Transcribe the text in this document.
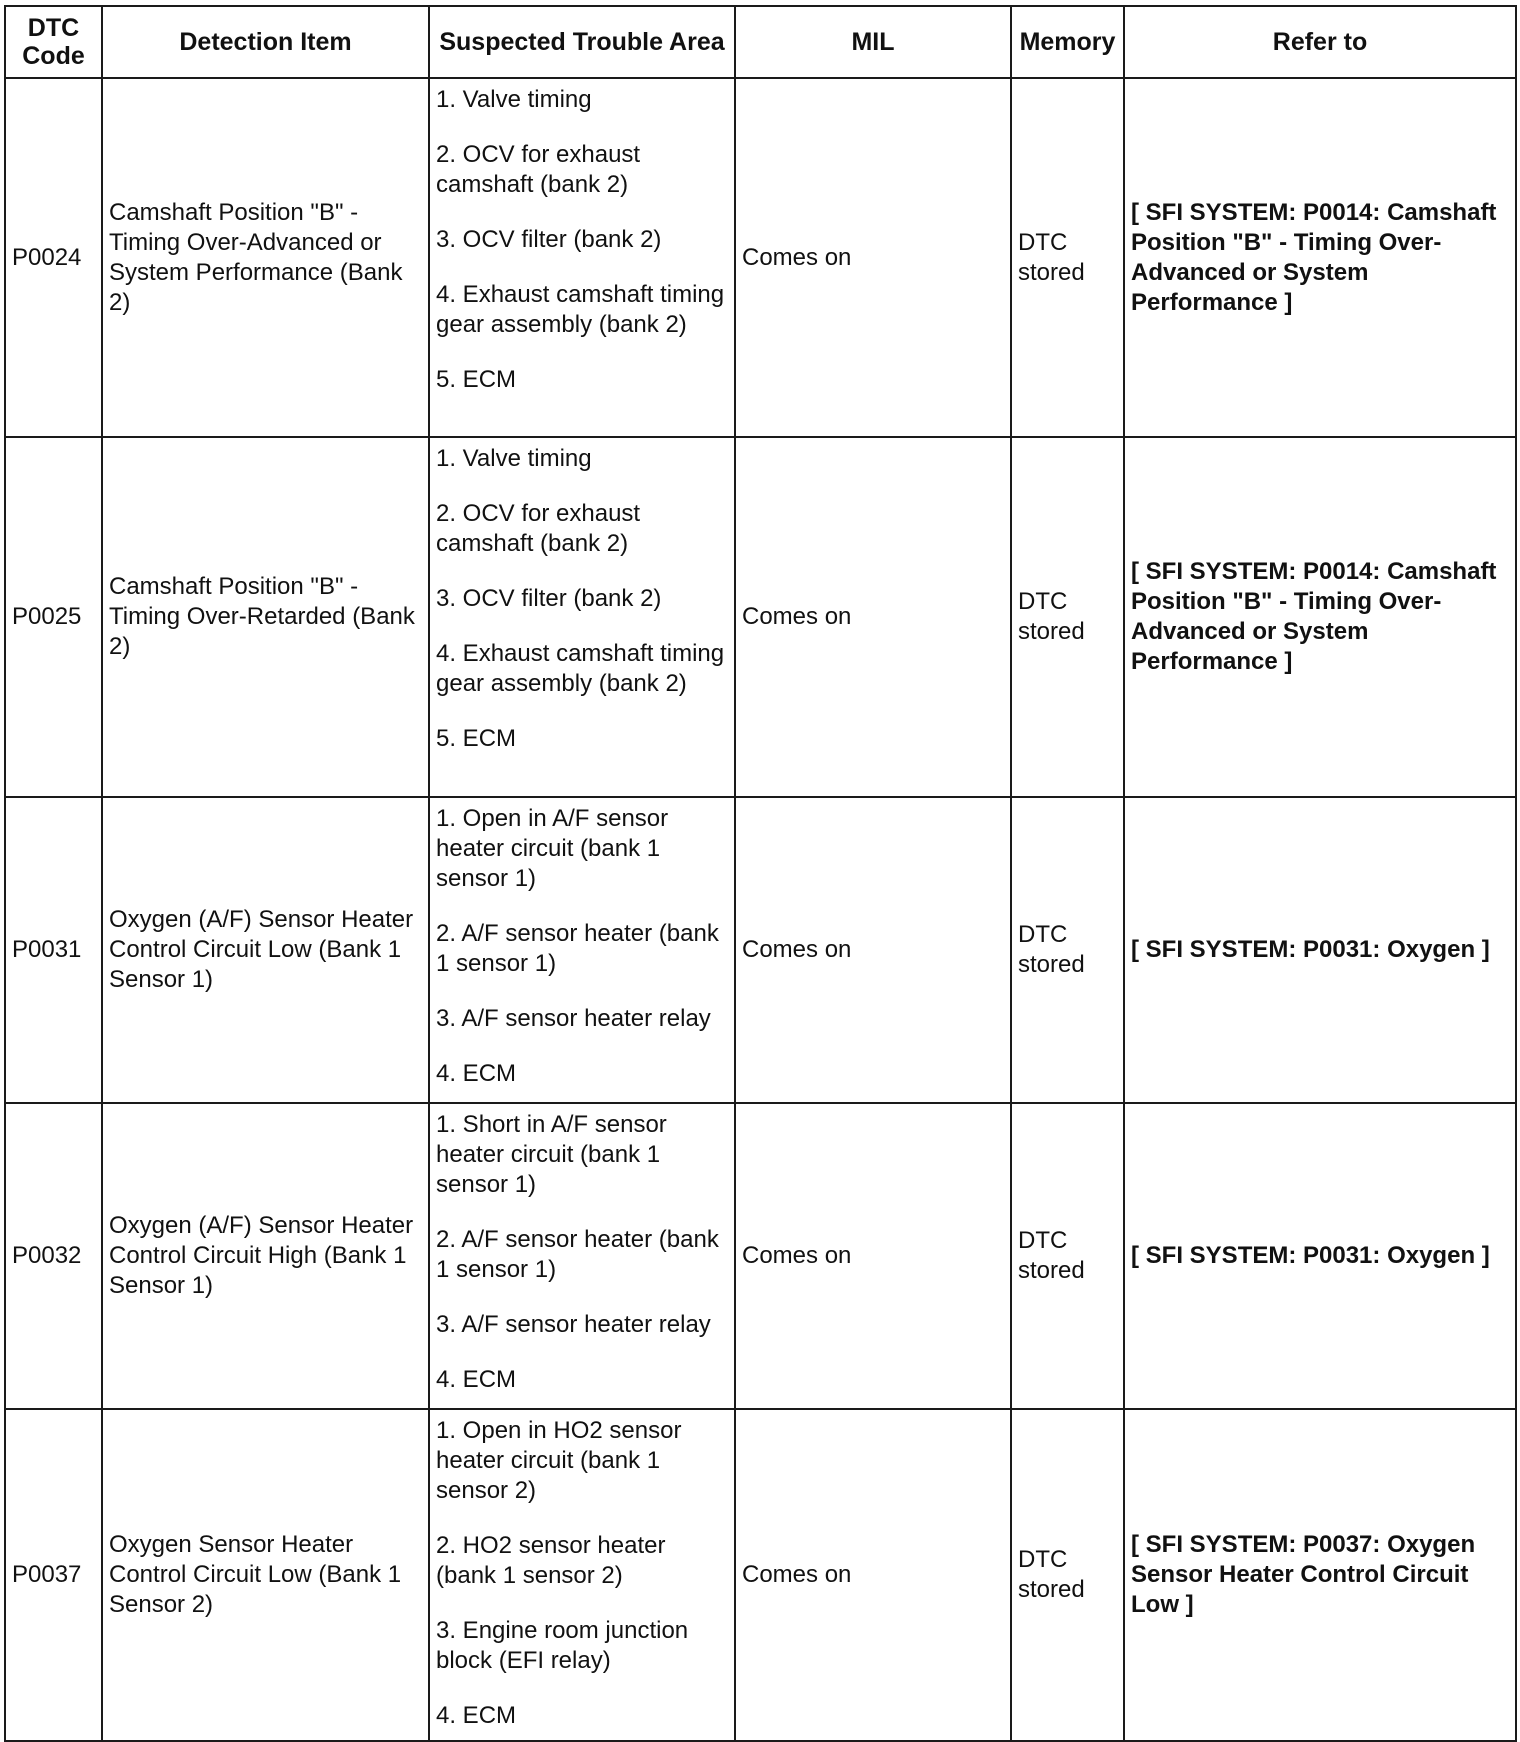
DTC Code	Detection Item	Suspected Trouble Area	MIL	Memory	Refer to
P0024	Camshaft Position "B" - Timing Over-Advanced or System Performance (Bank 2)	1. Valve timing
2. OCV for exhaust camshaft (bank 2)
3. OCV filter (bank 2)
4. Exhaust camshaft timing gear assembly (bank 2)
5. ECM	Comes on	DTC stored	[ SFI SYSTEM: P0014: Camshaft Position "B" - Timing Over-Advanced or System Performance ]
P0025	Camshaft Position "B" - Timing Over-Retarded (Bank 2)	1. Valve timing
2. OCV for exhaust camshaft (bank 2)
3. OCV filter (bank 2)
4. Exhaust camshaft timing gear assembly (bank 2)
5. ECM	Comes on	DTC stored	[ SFI SYSTEM: P0014: Camshaft Position "B" - Timing Over-Advanced or System Performance ]
P0031	Oxygen (A/F) Sensor Heater Control Circuit Low (Bank 1 Sensor 1)	1. Open in A/F sensor heater circuit (bank 1 sensor 1)
2. A/F sensor heater (bank 1 sensor 1)
3. A/F sensor heater relay
4. ECM	Comes on	DTC stored	[ SFI SYSTEM: P0031: Oxygen ]
P0032	Oxygen (A/F) Sensor Heater Control Circuit High (Bank 1 Sensor 1)	1. Short in A/F sensor heater circuit (bank 1 sensor 1)
2. A/F sensor heater (bank 1 sensor 1)
3. A/F sensor heater relay
4. ECM	Comes on	DTC stored	[ SFI SYSTEM: P0031: Oxygen ]
P0037	Oxygen Sensor Heater Control Circuit Low (Bank 1 Sensor 2)	1. Open in HO2 sensor heater circuit (bank 1 sensor 2)
2. HO2 sensor heater (bank 1 sensor 2)
3. Engine room junction block (EFI relay)
4. ECM	Comes on	DTC stored	[ SFI SYSTEM: P0037: Oxygen Sensor Heater Control Circuit Low ]
